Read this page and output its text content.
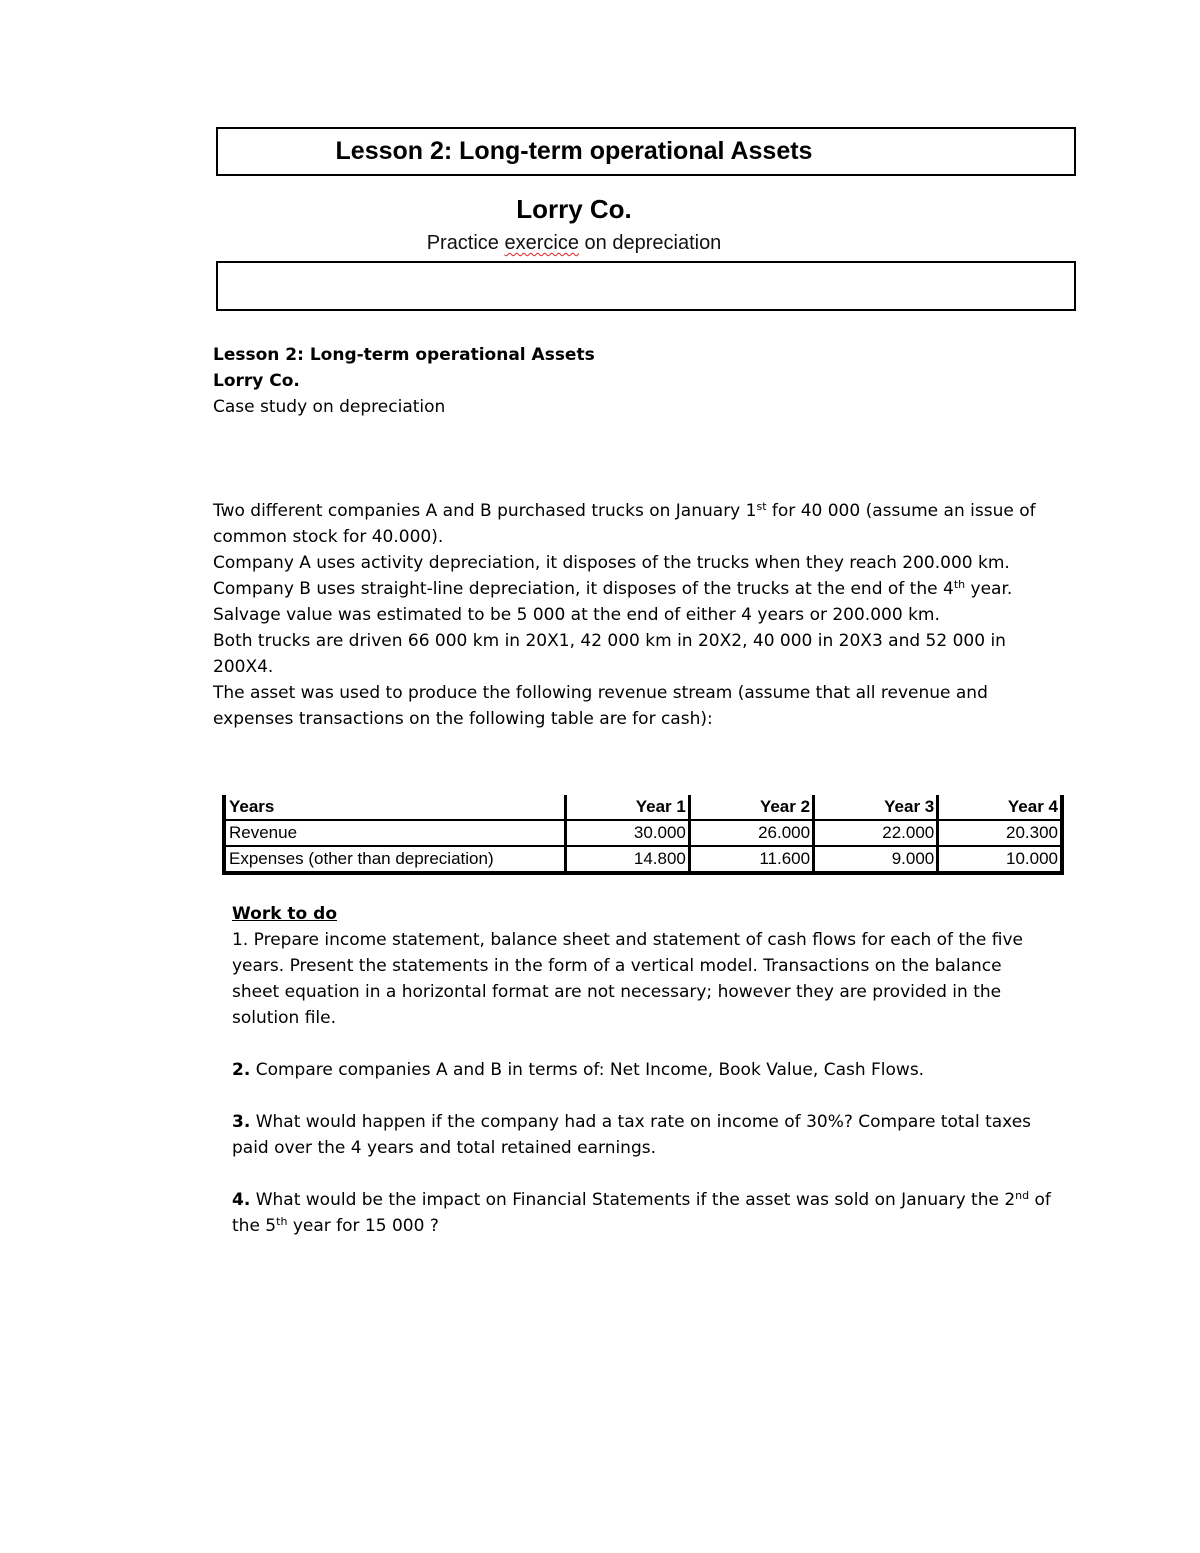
Lesson 2: Long-term operational Assets
Lorry Co.
Practice exercice on depreciation
Lesson 2: Long-term operational Assets
Lorry Co.
Case study on depreciation

Two different companies A and B purchased trucks on January 1st for 40 000 (assume an issue of common stock for 40.000).

Company A uses activity depreciation, it disposes of the trucks when they reach 200.000 km.

Company B uses straight-line depreciation, it disposes of the trucks at the end of the 4th year.

Salvage value was estimated to be 5 000 at the end of either 4 years or 200.000 km.

Both trucks are driven 66 000 km in 20X1, 42 000 km in 20X2, 40 000 in 20X3 and 52 000 in 200X4.

The asset was used to produce the following revenue stream (assume that all revenue and expenses transactions on the following table are for cash):

Years	Year 1	Year 2	Year 3	Year 4
Revenue	30.000	26.000	22.000	20.300
Expenses (other than depreciation)	14.800	11.600	9.000	10.000

Work to do

1. Prepare income statement, balance sheet and statement of cash flows for each of the five years. Present the statements in the form of a vertical model. Transactions on the balance sheet equation in a horizontal format are not necessary; however they are provided in the solution file.

2. Compare companies A and B in terms of: Net Income, Book Value, Cash Flows.

3. What would happen if the company had a tax rate on income of 30%? Compare total taxes paid over the 4 years and total retained earnings.

4. What would be the impact on Financial Statements if the asset was sold on January the 2nd of the 5th year for 15 000 ?
